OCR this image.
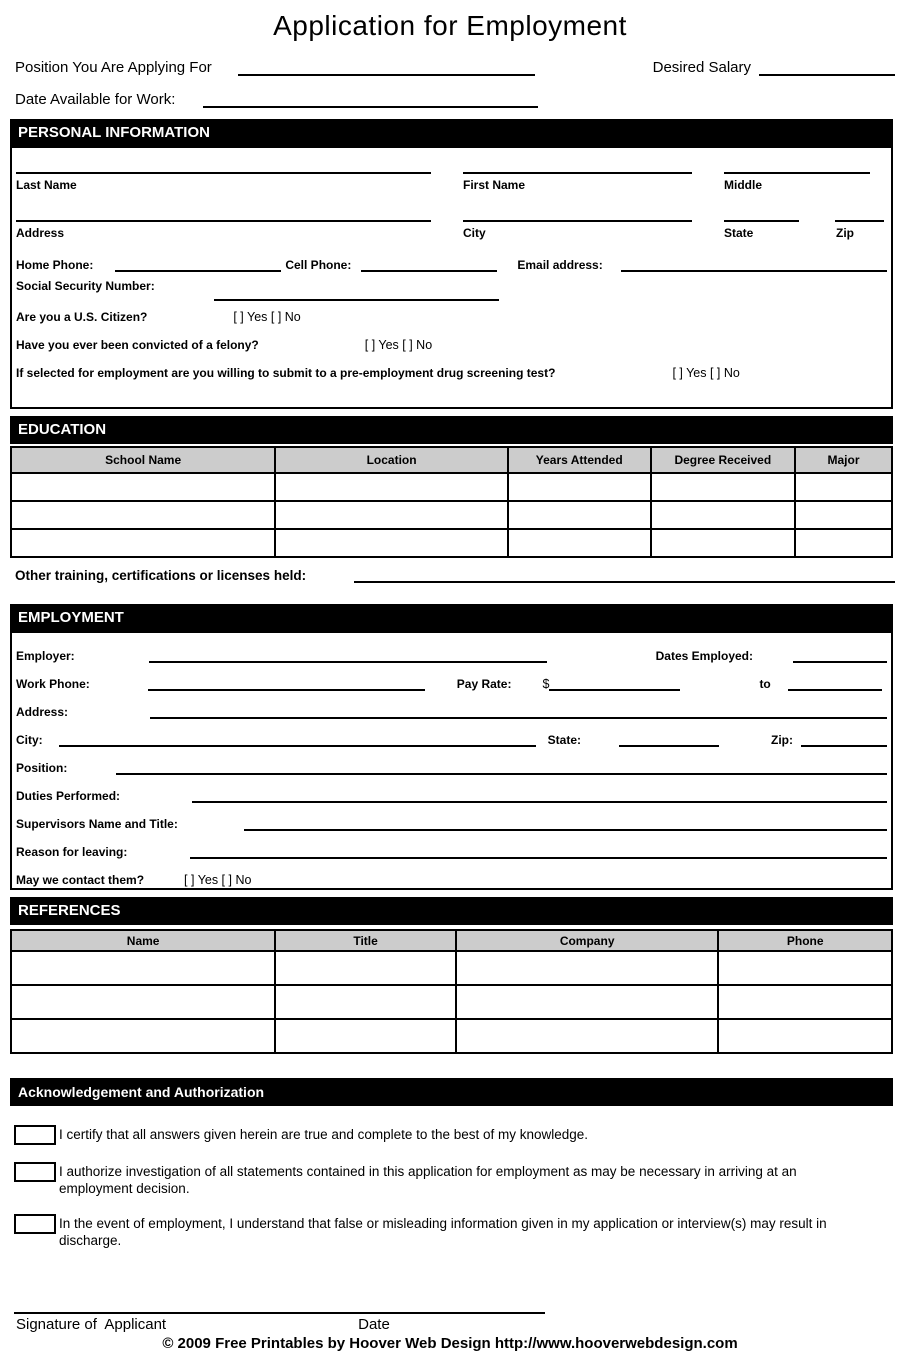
Application for Employment
Position You Are Applying For	Desired Salary
Date Available for Work:
PERSONAL INFORMATION
Last Name	First Name	Middle
Address	City	State	Zip
Home Phone:	Cell Phone:	Email address:
Social Security Number:
Are you a U.S. Citizen?	[ ] Yes [ ] No
Have you ever been convicted of a felony?	[ ] Yes [ ] No
If selected for employment are you willing to submit to a pre-employment drug screening test?	[ ] Yes [ ] No
EDUCATION
School Name	Location	Years Attended	Degree Received	Major

Other training, certifications or licenses held:
EMPLOYMENT
Employer:	Dates Employed:
Work Phone:	Pay Rate: $	to
Address:
City:	State:	Zip:
Position:
Duties Performed:
Supervisors Name and Title:
Reason for leaving:
May we contact them?	[ ] Yes [ ] No
REFERENCES
Name	Title	Company	Phone

Acknowledgement and Authorization
I certify that all answers given herein are true and complete to the best of my knowledge.
I authorize investigation of all statements contained in this application for employment as may be necessary in arriving at an employment decision.
In the event of employment, I understand that false or misleading information given in my application or interview(s) may result in discharge.
Signature of  Applicant	Date
© 2009 Free Printables by Hoover Web Design http://www.hooverwebdesign.com
